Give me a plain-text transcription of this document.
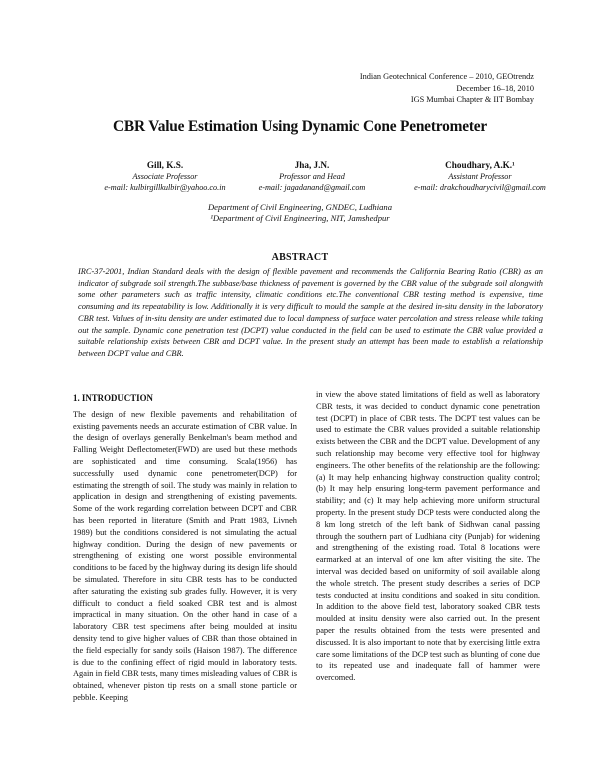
Indian Geotechnical Conference – 2010, GEOtrendz
December 16–18, 2010
IGS Mumbai Chapter & IIT Bombay
CBR Value Estimation Using Dynamic Cone Penetrometer
Gill, K.S.
Associate Professor
e-mail: kulbirgillkulbir@yahoo.co.in
Jha, J.N.
Professor and Head
e-mail: jagadanand@gmail.com
Choudhary, A.K.¹
Assistant Professor
e-mail: drakchoudharycivil@gmail.com
Department of Civil Engineering, GNDEC, Ludhiana
¹Department of Civil Engineering, NIT, Jamshedpur
ABSTRACT

IRC-37-2001, Indian Standard deals with the design of flexible pavement and recommends the California Bearing Ratio (CBR) as an indicator of subgrade soil strength.The subbase/base thickness of pavement is governed by the CBR value of the subgrade soil alongwith some other parameters such as traffic intensity, climatic conditions etc.The conventional CBR testing method is expensive, time consuming and its repeatability is low. Additionally it is very difficult to mould the sample at the desired in-situ density in the laboratory CBR test. Values of in-situ density are under estimated due to local dampness of surface water percolation and stress release while taking out the sample. Dynamic cone penetration test (DCPT) value conducted in the field can be used to estimate the CBR value provided a suitable relationship exists between CBR and DCPT value. In the present study an attempt has been made to establish a relationship between DCPT value and CBR.

1. INTRODUCTION

The design of new flexible pavements and rehabilitation of existing pavements needs an accurate estimation of CBR value. In the design of overlays generally Benkelman's beam method and Falling Weight Deflectometer(FWD) are used but these methods are sophisticated and time consuming. Scala(1956) has successfully used dynamic cone penetrometer(DCP) for estimating the strength of soil. The study was mainly in relation to application in design and strengthening of existing pavements. Some of the work regarding correlation between DCPT and CBR has been reported in literature (Smith and Pratt 1983, Livneh 1989) but the conditions considered is not simulating the actual highway condition. During the design of new pavements or strengthening of existing one worst possible environmental conditions to be faced by the highway during its design life should be simulated. Therefore in situ CBR tests has to be conducted after saturating the existing sub grades fully. However, it is very difficult to conduct a field soaked CBR test and is almost impractical in many situation. On the other hand in case of a laboratory CBR test specimens after being moulded at insitu density tend to give higher values of CBR than those obtained in the field especially for sandy soils (Haison 1987). The difference is due to the confining effect of rigid mould in laboratory tests. Again in field CBR tests, many times misleading values of CBR is obtained, whenever piston tip rests on a small stone particle or pebble. Keeping

in view the above stated limitations of field as well as laboratory CBR tests, it was decided to conduct dynamic cone penetration test (DCPT) in place of CBR tests. The DCPT test values can be used to estimate the CBR values provided a suitable relationship exists between the CBR and the DCPT value. Development of any such relationship may become very effective tool for highway engineers. The other benefits of the relationship are the following: (a) It may help enhancing highway construction quality control; (b) It may help ensuring long-term pavement performance and stability; and (c) It may help achieving more uniform structural property. In the present study DCP tests were conducted along the 8 km long stretch of the left bank of Sidhwan canal passing through the southern part of Ludhiana city (Punjab) for widening and strengthening of the existing road. Total 8 locations were earmarked at an interval of one km after visiting the site. The interval was decided based on uniformity of soil available along the whole stretch. The present study describes a series of DCP tests conducted at insitu conditions and soaked in situ condition. In addition to the above field test, laboratory soaked CBR tests moulded at insitu density were also carried out. In the present paper the results obtained from the tests were presented and discussed. It is also important to note that by exercising little extra care some limitations of the DCP test such as blunting of cone due to its repeated use and inadequate fall of hammer were overcomed.
